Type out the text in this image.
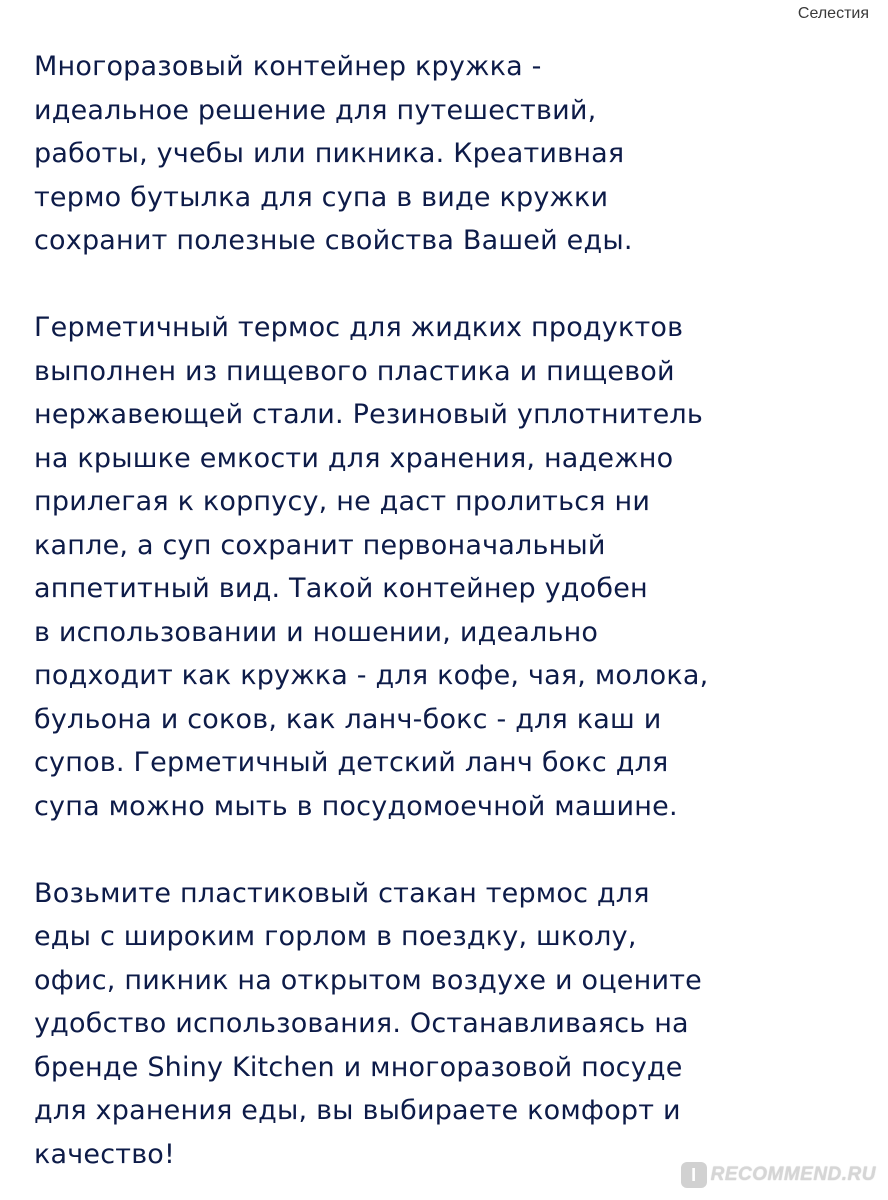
Селестия
Многоразовый контейнер кружка -
идеальное решение для путешествий,
работы, учебы или пикника. Креативная
термо бутылка для супа в виде кружки
сохранит полезные свойства Вашей еды.
Герметичный термос для жидких продуктов
выполнен из пищевого пластика и пищевой
нержавеющей стали. Резиновый уплотнитель
на крышке емкости для хранения, надежно
прилегая к корпусу, не даст пролиться ни
капле, а суп сохранит первоначальный
аппетитный вид. Такой контейнер удобен
в использовании и ношении, идеально
подходит как кружка - для кофе, чая, молока,
бульона и соков, как ланч-бокс - для каш и
супов. Герметичный детский ланч бокс для
супа можно мыть в посудомоечной машине.
Возьмите пластиковый стакан термос для
еды с широким горлом в поездку, школу,
офис, пикник на открытом воздухе и оцените
удобство использования. Останавливаясь на
бренде Shiny Kitchen и многоразовой посуде
для хранения еды, вы выбираете комфорт и
качество!
I RECOMMEND.RU
